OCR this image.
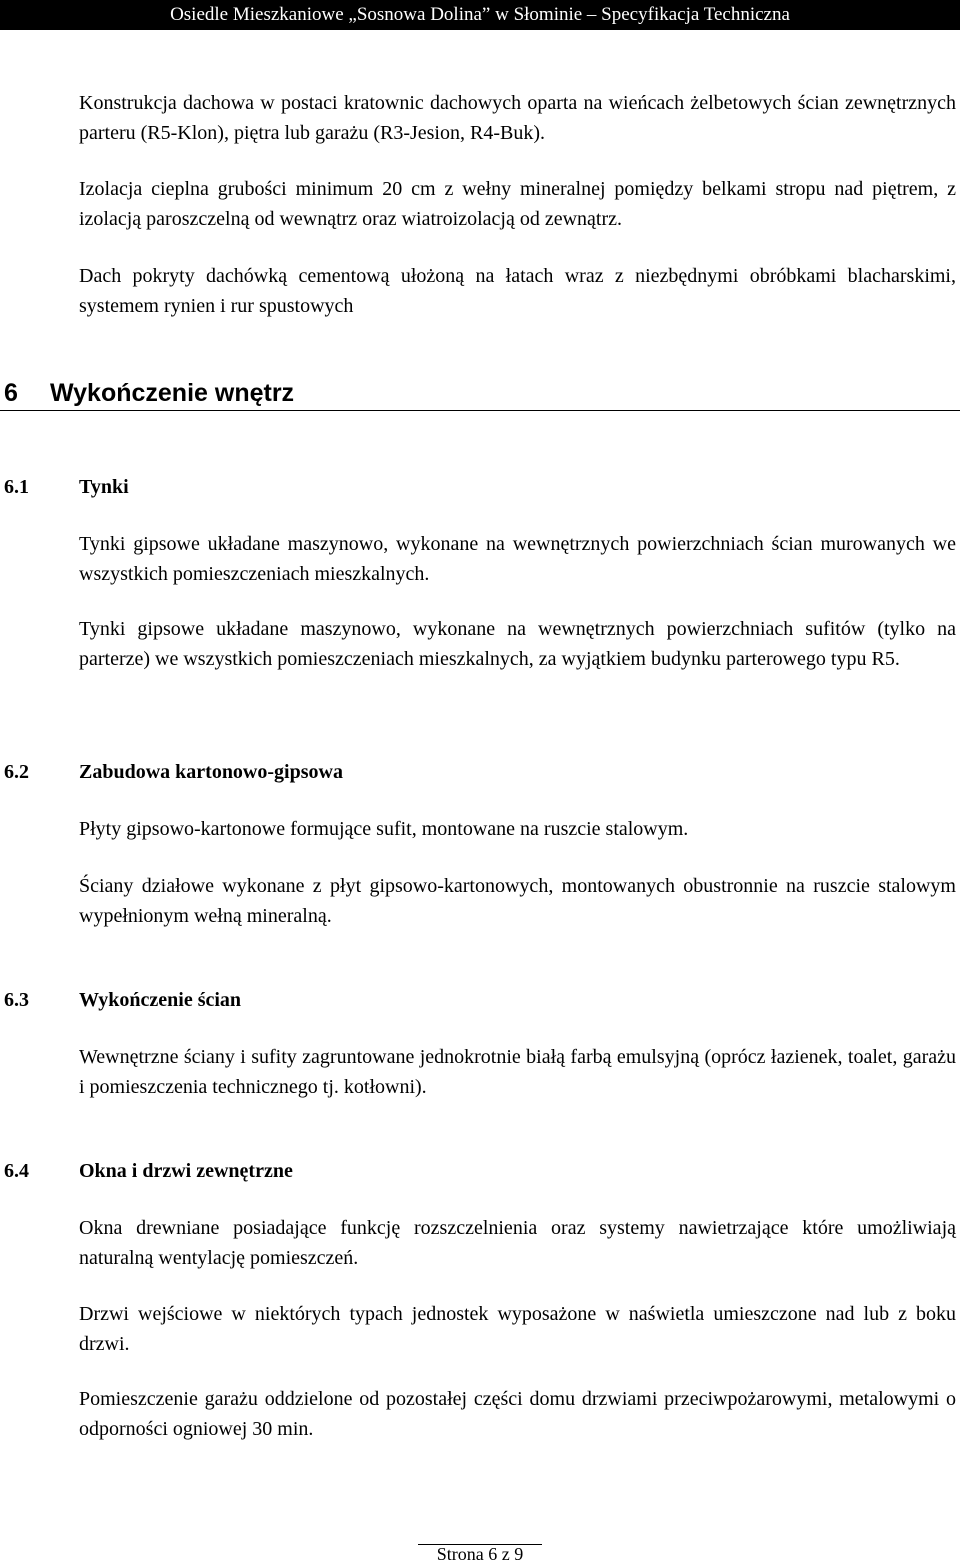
Osiedle Mieszkaniowe „Sosnowa Dolina” w Słominie – Specyfikacja Techniczna

Konstrukcja dachowa w postaci kratownic dachowych oparta na wieńcach żelbetowych ścian zewnętrznych parteru (R5-Klon), piętra lub garażu (R3-Jesion, R4-Buk).

Izolacja cieplna grubości minimum 20 cm z wełny mineralnej pomiędzy belkami stropu nad piętrem, z izolacją paroszczelną od wewnątrz oraz wiatroizolacją od zewnątrz.

Dach pokryty dachówką cementową ułożoną na łatach wraz z niezbędnymi obróbkami blacharskimi, systemem rynien i rur spustowych

6 Wykończenie wnętrz
6.1	Tynki

Tynki gipsowe układane maszynowo, wykonane na wewnętrznych powierzchniach ścian murowanych we wszystkich pomieszczeniach mieszkalnych.

Tynki gipsowe układane maszynowo, wykonane na wewnętrznych powierzchniach sufitów (tylko na parterze) we wszystkich pomieszczeniach mieszkalnych, za wyjątkiem budynku parterowego typu R5.

6.2	Zabudowa kartonowo-gipsowa

Płyty gipsowo-kartonowe formujące sufit, montowane na ruszcie stalowym.

Ściany działowe wykonane z płyt gipsowo-kartonowych, montowanych obustronnie na ruszcie stalowym wypełnionym wełną mineralną.

6.3	Wykończenie ścian

Wewnętrzne ściany i sufity zagruntowane jednokrotnie białą farbą emulsyjną (oprócz łazienek, toalet, garażu i pomieszczenia technicznego tj. kotłowni).

6.4	Okna i drzwi zewnętrzne

Okna drewniane posiadające funkcję rozszczelnienia oraz systemy nawietrzające które umożliwiają naturalną wentylację pomieszczeń.

Drzwi wejściowe w niektórych typach jednostek wyposażone w naświetla umieszczone nad lub z boku drzwi.

Pomieszczenie garażu oddzielone od pozostałej części domu drzwiami przeciwpożarowymi, metalowymi o odporności ogniowej 30 min.

Strona 6 z 9
